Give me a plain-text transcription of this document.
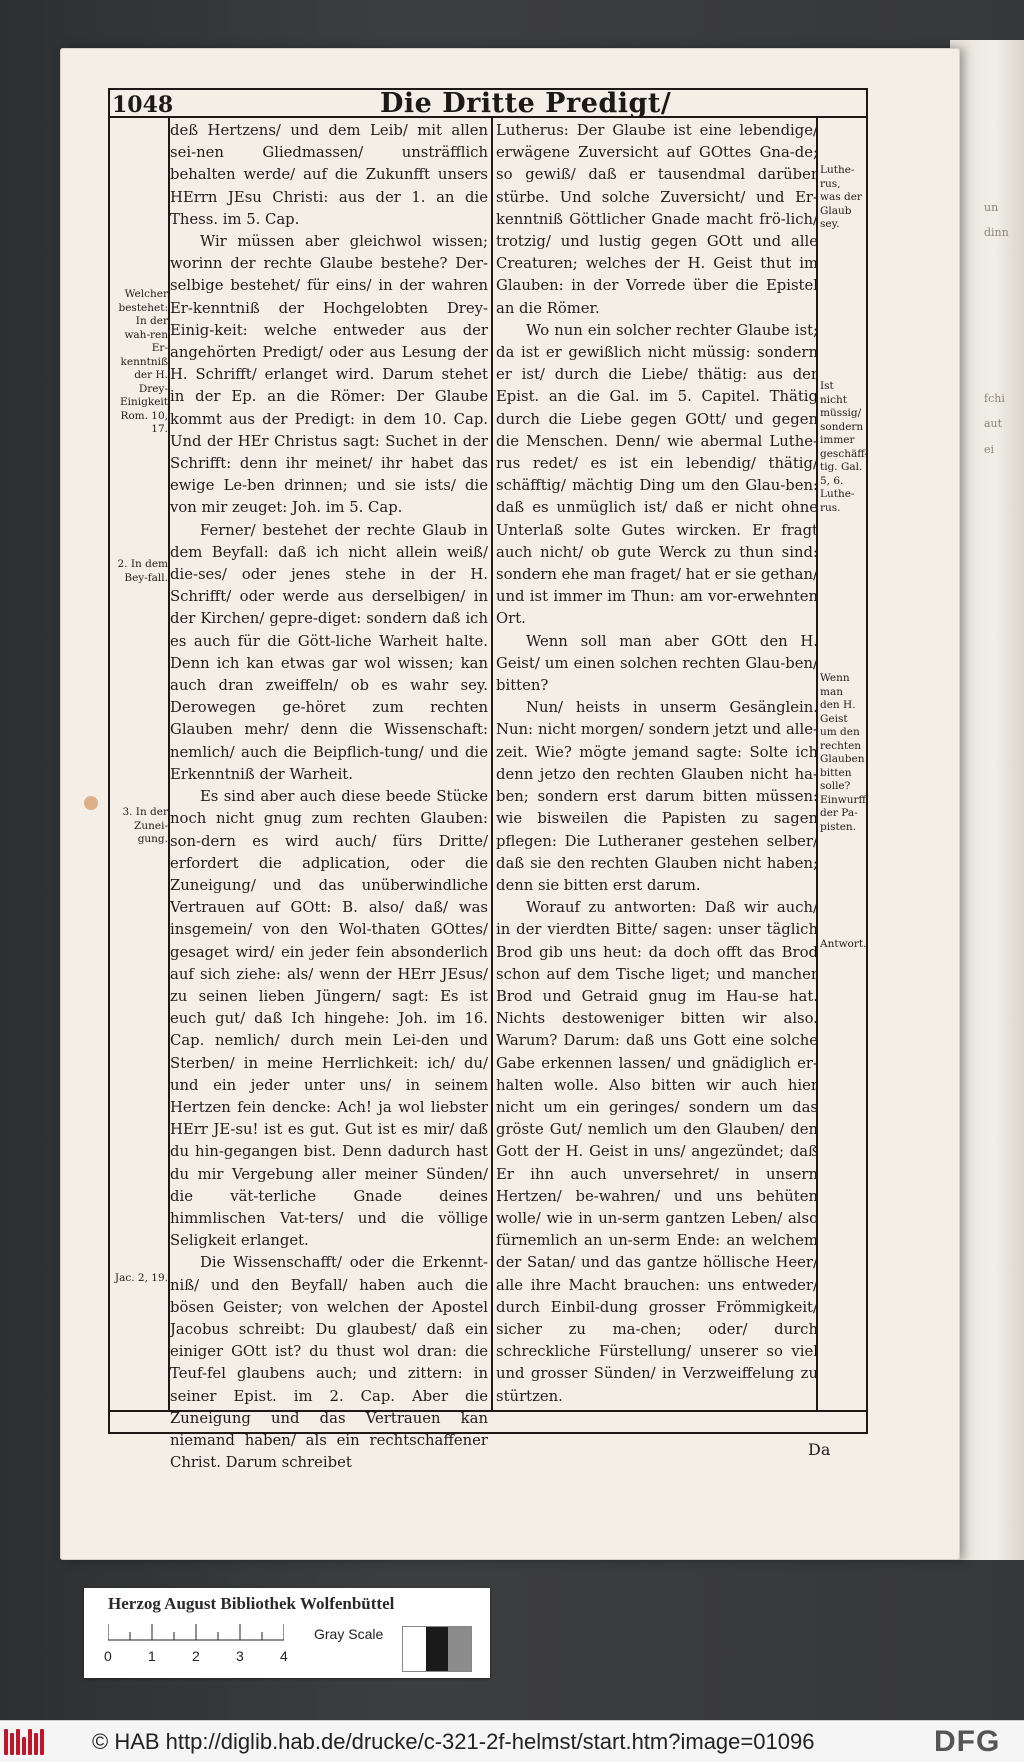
un
dinn
fchi
aut
ei
1048	Die Dritte Predigt/

deß Hertzens/ und dem Leib/ mit allen sei-nen Gliedmassen/ unsträfflich behalten werde/ auf die Zukunfft unsers HErrn JEsu Christi: aus der 1. an die Thess. im 5. Cap.

Wir müssen aber gleichwol wissen; worinn der rechte Glaube bestehe? Der-selbige bestehet/ für eins/ in der wahren Er-kenntniß der Hochgelobten Drey-Einig-keit: welche entweder aus der angehörten Predigt/ oder aus Lesung der H. Schrifft/ erlanget wird. Darum stehet in der Ep. an die Römer: Der Glaube kommt aus der Predigt: in dem 10. Cap. Und der HEr Christus sagt: Suchet in der Schrifft: denn ihr meinet/ ihr habet das ewige Le-ben drinnen; und sie ists/ die von mir zeuget: Joh. im 5. Cap.

Ferner/ bestehet der rechte Glaub in dem Beyfall: daß ich nicht allein weiß/ die-ses/ oder jenes stehe in der H. Schrifft/ oder werde aus derselbigen/ in der Kirchen/ gepre-diget: sondern daß ich es auch für die Gött-liche Warheit halte. Denn ich kan etwas gar wol wissen; kan auch dran zweiffeln/ ob es wahr sey. Derowegen ge-höret zum rechten Glauben mehr/ denn die Wissenschaft: nemlich/ auch die Beipflich-tung/ und die Erkenntniß der Warheit.

Es sind aber auch diese beede Stücke noch nicht gnug zum rechten Glauben: son-dern es wird auch/ fürs Dritte/ erfordert die adplication, oder die Zuneigung/ und das unüberwindliche Vertrauen auf GOtt: B. also/ daß/ was insgemein/ von den Wol-thaten GOttes/ gesaget wird/ ein jeder fein absonderlich auf sich ziehe: als/ wenn der HErr JEsus/ zu seinen lieben Jüngern/ sagt: Es ist euch gut/ daß Ich hingehe: Joh. im 16. Cap. nemlich/ durch mein Lei-den und Sterben/ in meine Herrlichkeit: ich/ du/ und ein jeder unter uns/ in seinem Hertzen fein dencke: Ach! ja wol liebster HErr JE-su! ist es gut. Gut ist es mir/ daß du hin-gegangen bist. Denn dadurch hast du mir Vergebung aller meiner Sünden/ die vät-terliche Gnade deines himmlischen Vat-ters/ und die völlige Seligkeit erlanget.

Die Wissenschafft/ oder die Erkennt-niß/ und den Beyfall/ haben auch die bösen Geister; von welchen der Apostel Jacobus schreibt: Du glaubest/ daß ein einiger GOtt ist? du thust wol dran: die Teuf-fel glaubens auch; und zittern: in seiner Epist. im 2. Cap. Aber die Zuneigung und das Vertrauen kan niemand haben/ als ein rechtschaffener Christ. Darum schreibet

Lutherus: Der Glaube ist eine lebendige/ erwägene Zuversicht auf GOttes Gna-de; so gewiß/ daß er tausendmal darüber stürbe. Und solche Zuversicht/ und Er-kenntniß Göttlicher Gnade macht frö-lich/ trotzig/ und lustig gegen GOtt und alle Creaturen; welches der H. Geist thut im Glauben: in der Vorrede über die Epistel an die Römer.

Wo nun ein solcher rechter Glaube ist; da ist er gewißlich nicht müssig: sondern er ist/ durch die Liebe/ thätig: aus der Epist. an die Gal. im 5. Capitel. Thätig durch die Liebe gegen GOtt/ und gegen die Menschen. Denn/ wie abermal Luthe-rus redet/ es ist ein lebendig/ thätig/ schäfftig/ mächtig Ding um den Glau-ben: daß es unmüglich ist/ daß er nicht ohne Unterlaß solte Gutes wircken. Er fragt auch nicht/ ob gute Werck zu thun sind: sondern ehe man fraget/ hat er sie gethan/ und ist immer im Thun: am vor-erwehnten Ort.

Wenn soll man aber GOtt den H. Geist/ um einen solchen rechten Glau-ben/ bitten?

Nun/ heists in unserm Gesänglein. Nun: nicht morgen/ sondern jetzt und alle-zeit. Wie? mögte jemand sagte: Solte ich denn jetzo den rechten Glauben nicht ha-ben; sondern erst darum bitten müssen: wie bisweilen die Papisten zu sagen pflegen: Die Lutheraner gestehen selber/ daß sie den rechten Glauben nicht haben; denn sie bitten erst darum.

Worauf zu antworten: Daß wir auch/ in der vierdten Bitte/ sagen: unser täglich Brod gib uns heut: da doch offt das Brod schon auf dem Tische liget; und mancher Brod und Getraid gnug im Hau-se hat. Nichts destoweniger bitten wir also. Warum? Darum: daß uns Gott eine solche Gabe erkennen lassen/ und gnädiglich er-halten wolle. Also bitten wir auch hier nicht um ein geringes/ sondern um das gröste Gut/ nemlich um den Glauben/ den Gott der H. Geist in uns/ angezündet; daß Er ihn auch unversehret/ in unsern Hertzen/ be-wahren/ und uns behüten wolle/ wie in un-serm gantzen Leben/ also fürnemlich an un-serm Ende: an welchem der Satan/ und das gantze höllische Heer/ alle ihre Macht brauchen: uns entweder/ durch Einbil-dung grosser Frömmigkeit/ sicher zu ma-chen; oder/ durch schreckliche Fürstellung/ unserer so viel und grosser Sünden/ in Verzweiffelung zu stürtzen.

Welcher bestehet: In der wah-ren Er-kenntniß der H. Drey-Einigkeit Rom. 10, 17.
2. In dem Bey-fall.
3. In der Zunei-gung.
Jac. 2, 19.
Luthe-rus, was der Glaub sey.
Ist nicht müssig/ sondern immer geschäff-tig. Gal. 5, 6. Luthe-rus.
Wenn man den H. Geist um den rechten Glauben bitten solle? Einwurff der Pa-pisten.
Antwort.
Da
Herzog August Bibliothek Wolfenbüttel
0	1	2	3	4
Gray Scale
© HAB http://diglib.hab.de/drucke/c-321-2f-helmst/start.htm?image=01096	DFG
